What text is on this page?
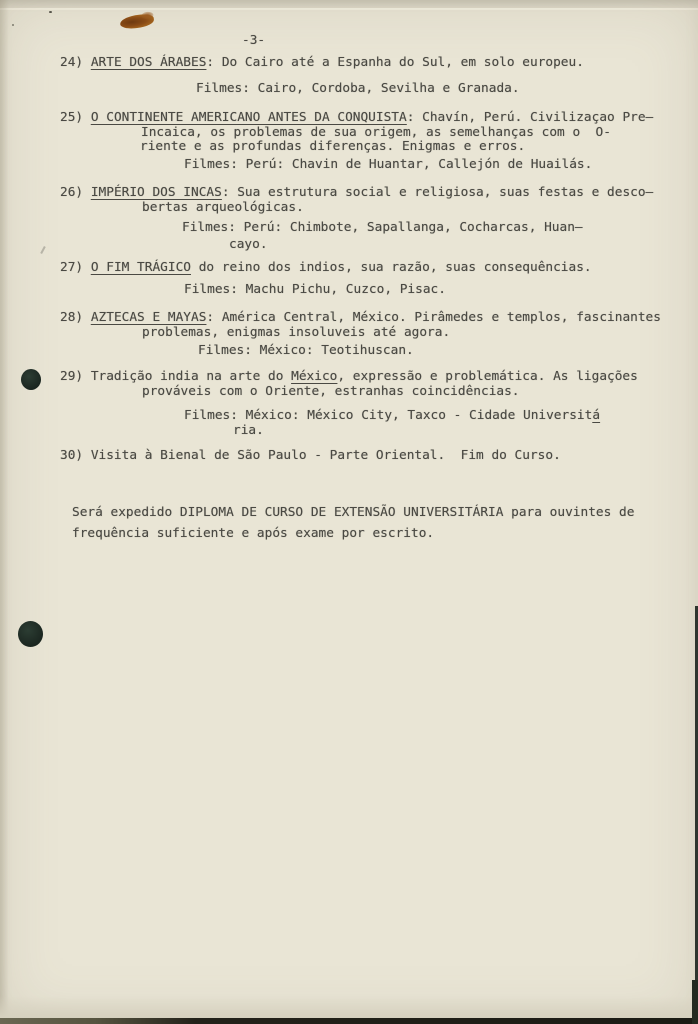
-3-
24) ARTE DOS ÁRABES: Do Cairo até a Espanha do Sul, em solo europeu.
Filmes: Cairo, Cordoba, Sevilha e Granada.
25) O CONTINENTE AMERICANO ANTES DA CONQUISTA: Chavín, Perú. Civilizaçao Pre—
Incaica, os problemas de sua origem, as semelhanças com o  O-
riente e as profundas diferenças. Enigmas e erros.
Filmes: Perú: Chavin de Huantar, Callejón de Huailás.
26) IMPÉRIO DOS INCAS: Sua estrutura social e religiosa, suas festas e desco—
bertas arqueológicas.
Filmes: Perú: Chimbote, Sapallanga, Cocharcas, Huan—
cayo.
27) O FIM TRÁGICO do reino dos indios, sua razão, suas consequências.
Filmes: Machu Pichu, Cuzco, Pisac.
28) AZTECAS E MAYAS: América Central, México. Pirâmedes e templos, fascinantes
problemas, enigmas insoluveis até agora.
Filmes: México: Teotihuscan.
29) Tradição india na arte do México, expressão e problemática. As ligações
prováveis com o Oriente, estranhas coincidências.
Filmes: México: México City, Taxco - Cidade Universitá
ria.
30) Visita à Bienal de São Paulo - Parte Oriental.  Fim do Curso.
Será expedido DIPLOMA DE CURSO DE EXTENSÃO UNIVERSITÁRIA para ouvintes de
frequência suficiente e após exame por escrito.
